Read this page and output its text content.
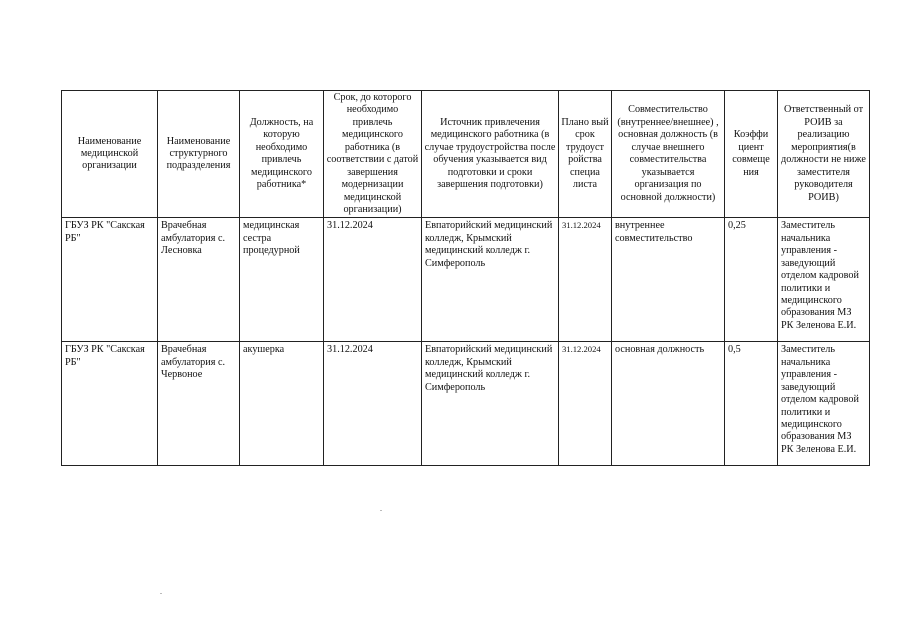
Наименование медицинской организации	Наименование структурного подразделения	Должность, на которую необходимо привлечь медицинского работника*	Срок, до которого необходимо привлечь медицинского работника (в соответствии с датой завершения модернизации медицинской организации)	Источник привлечения медицинского работника (в случае трудоустройства после обучения указывается вид подготовки и сроки завершения подготовки)	Плано вый срок трудоуст ройства специа листа	Совместительство (внутреннее/внешнее) , основная должность (в случае внешнего совместительства указывается организация по основной должности)	Коэффи циент совмеще ния	Ответственный от РОИВ за реализацию мероприятия(в должности не ниже заместителя руководителя РОИВ)
ГБУЗ РК "Сакская РБ"	Врачебная амбулатория с. Лесновка	медицинская сестра процедурной	31.12.2024	Евпаторийский медицинский колледж, Крымский медицинский колледж г. Симферополь	31.12.2024	внутреннее совместительство	0,25	Заместитель начальника управления - заведующий отделом кадровой политики и медицинского образования МЗ РК Зеленова Е.И.
ГБУЗ РК "Сакская РБ"	Врачебная амбулатория с. Червоное	акушерка	31.12.2024	Евпаторийский медицинский колледж, Крымский медицинский колледж г. Симферополь	31.12.2024	основная должность	0,5	Заместитель начальника управления - заведующий отделом кадровой политики и медицинского образования МЗ РК Зеленова Е.И.
